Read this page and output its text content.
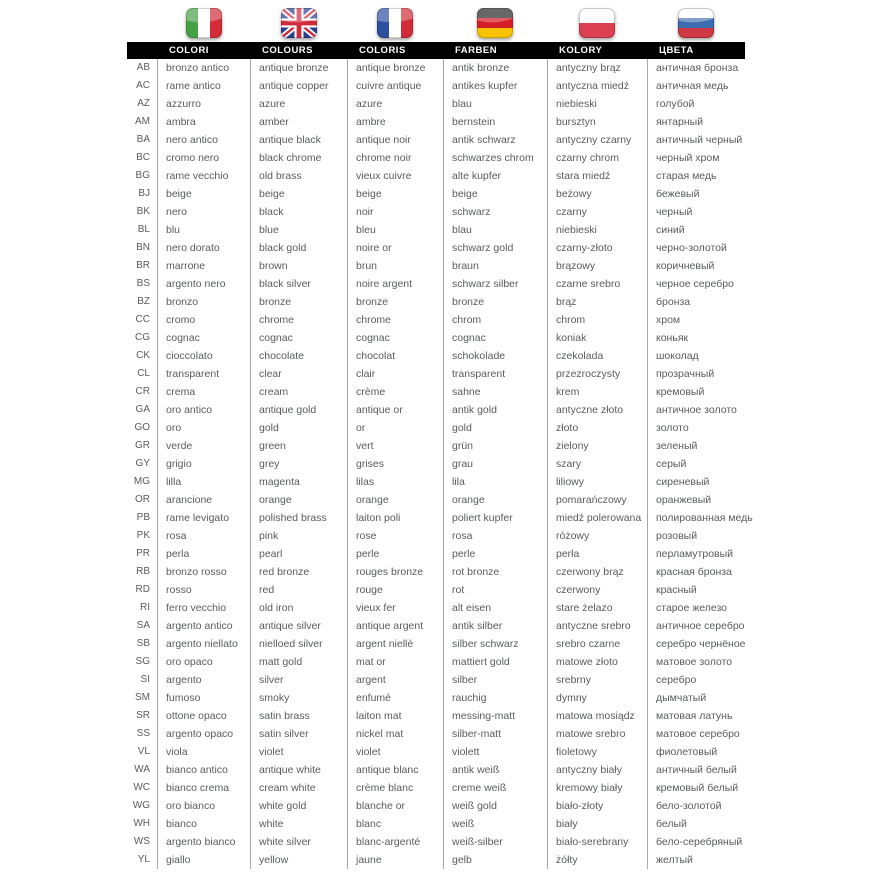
COLORI	COLOURS	COLORIS	FARBEN	KOLORY	ЦВЕТА
AB	bronzo antico	antique bronze	antique bronze	antik bronze	antyczny brąz	античная бронза
AC	rame antico	antique copper	cuivre antique	antikes kupfer	antyczna miedź	античная медь
AZ	azzurro	azure	azure	blau	niebieski	голубой
AM	ambra	amber	ambre	bernstein	bursztyn	янтарный
BA	nero antico	antique black	antique noir	antik schwarz	antyczny czarny	античный черный
BC	cromo nero	black chrome	chrome noir	schwarzes chrom	czarny chrom	черный хром
BG	rame vecchio	old brass	vieux cuivre	alte kupfer	stara miedź	старая медь
BJ	beige	beige	beige	beige	beżowy	бежевый
BK	nero	black	noir	schwarz	czarny	черный
BL	blu	blue	bleu	blau	niebieski	синий
BN	nero dorato	black gold	noire or	schwarz gold	czarny-złoto	черно-золотой
BR	marrone	brown	brun	braun	brązowy	коричневый
BS	argento nero	black silver	noire argent	schwarz silber	czarne srebro	черное серебро
BZ	bronzo	bronze	bronze	bronze	brąz	бронза
CC	cromo	chrome	chrome	chrom	chrom	хром
CG	cognac	cognac	cognac	cognac	koniak	коньяк
CK	cioccolato	chocolate	chocolat	schokolade	czekolada	шоколад
CL	transparent	clear	clair	transparent	przezroczysty	прозрачный
CR	crema	cream	crème	sahne	krem	кремовый
GA	oro antico	antique gold	antique or	antik gold	antyczne złoto	античное золото
GO	oro	gold	or	gold	złoto	золото
GR	verde	green	vert	grün	zielony	зеленый
GY	grigio	grey	grises	grau	szary	серый
MG	lilla	magenta	lilas	lila	liliowy	сиреневый
OR	arancione	orange	orange	orange	pomarańczowy	оранжевый
PB	rame levigato	polished brass	laiton poli	poliert kupfer	miedź polerowana	полированная медь
PK	rosa	pink	rose	rosa	różowy	розовый
PR	perla	pearl	perle	perle	perła	перламутровый
RB	bronzo rosso	red bronze	rouges bronze	rot bronze	czerwony brąz	красная бронза
RD	rosso	red	rouge	rot	czerwony	красный
RI	ferro vecchio	old iron	vieux fer	alt eisen	stare żelazo	старое железо
SA	argento antico	antique silver	antique argent	antik silber	antyczne srebro	античное серебро
SB	argento niellato	nielloed silver	argent niellè	silber schwarz	srebro czarne	серебро чернёное
SG	oro opaco	matt gold	mat or	mattiert gold	matowe złoto	матовое золото
SI	argento	silver	argent	silber	srebrny	серебро
SM	fumoso	smoky	enfumé	rauchig	dymny	дымчатый
SR	ottone opaco	satin brass	laiton mat	messing-matt	matowa mosiądz	матовая латунь
SS	argento opaco	satin silver	nickel mat	silber-matt	matowe srebro	матовое серебро
VL	viola	violet	violet	violett	fioletowy	фиолетовый
WA	bianco antico	antique white	antique blanc	antik weiß	antyczny biały	античный белый
WC	bianco crema	cream white	crème blanc	creme weiß	kremowy biały	кремовый белый
WG	oro bianco	white gold	blanche or	weiß gold	biało-złoty	бело-золотой
WH	bianco	white	blanc	weiß	biały	белый
WS	argento bianco	white silver	blanc-argenté	weiß-silber	biało-serebrany	бело-серебряный
YL	giallo	yellow	jaune	gelb	żółty	желтый
